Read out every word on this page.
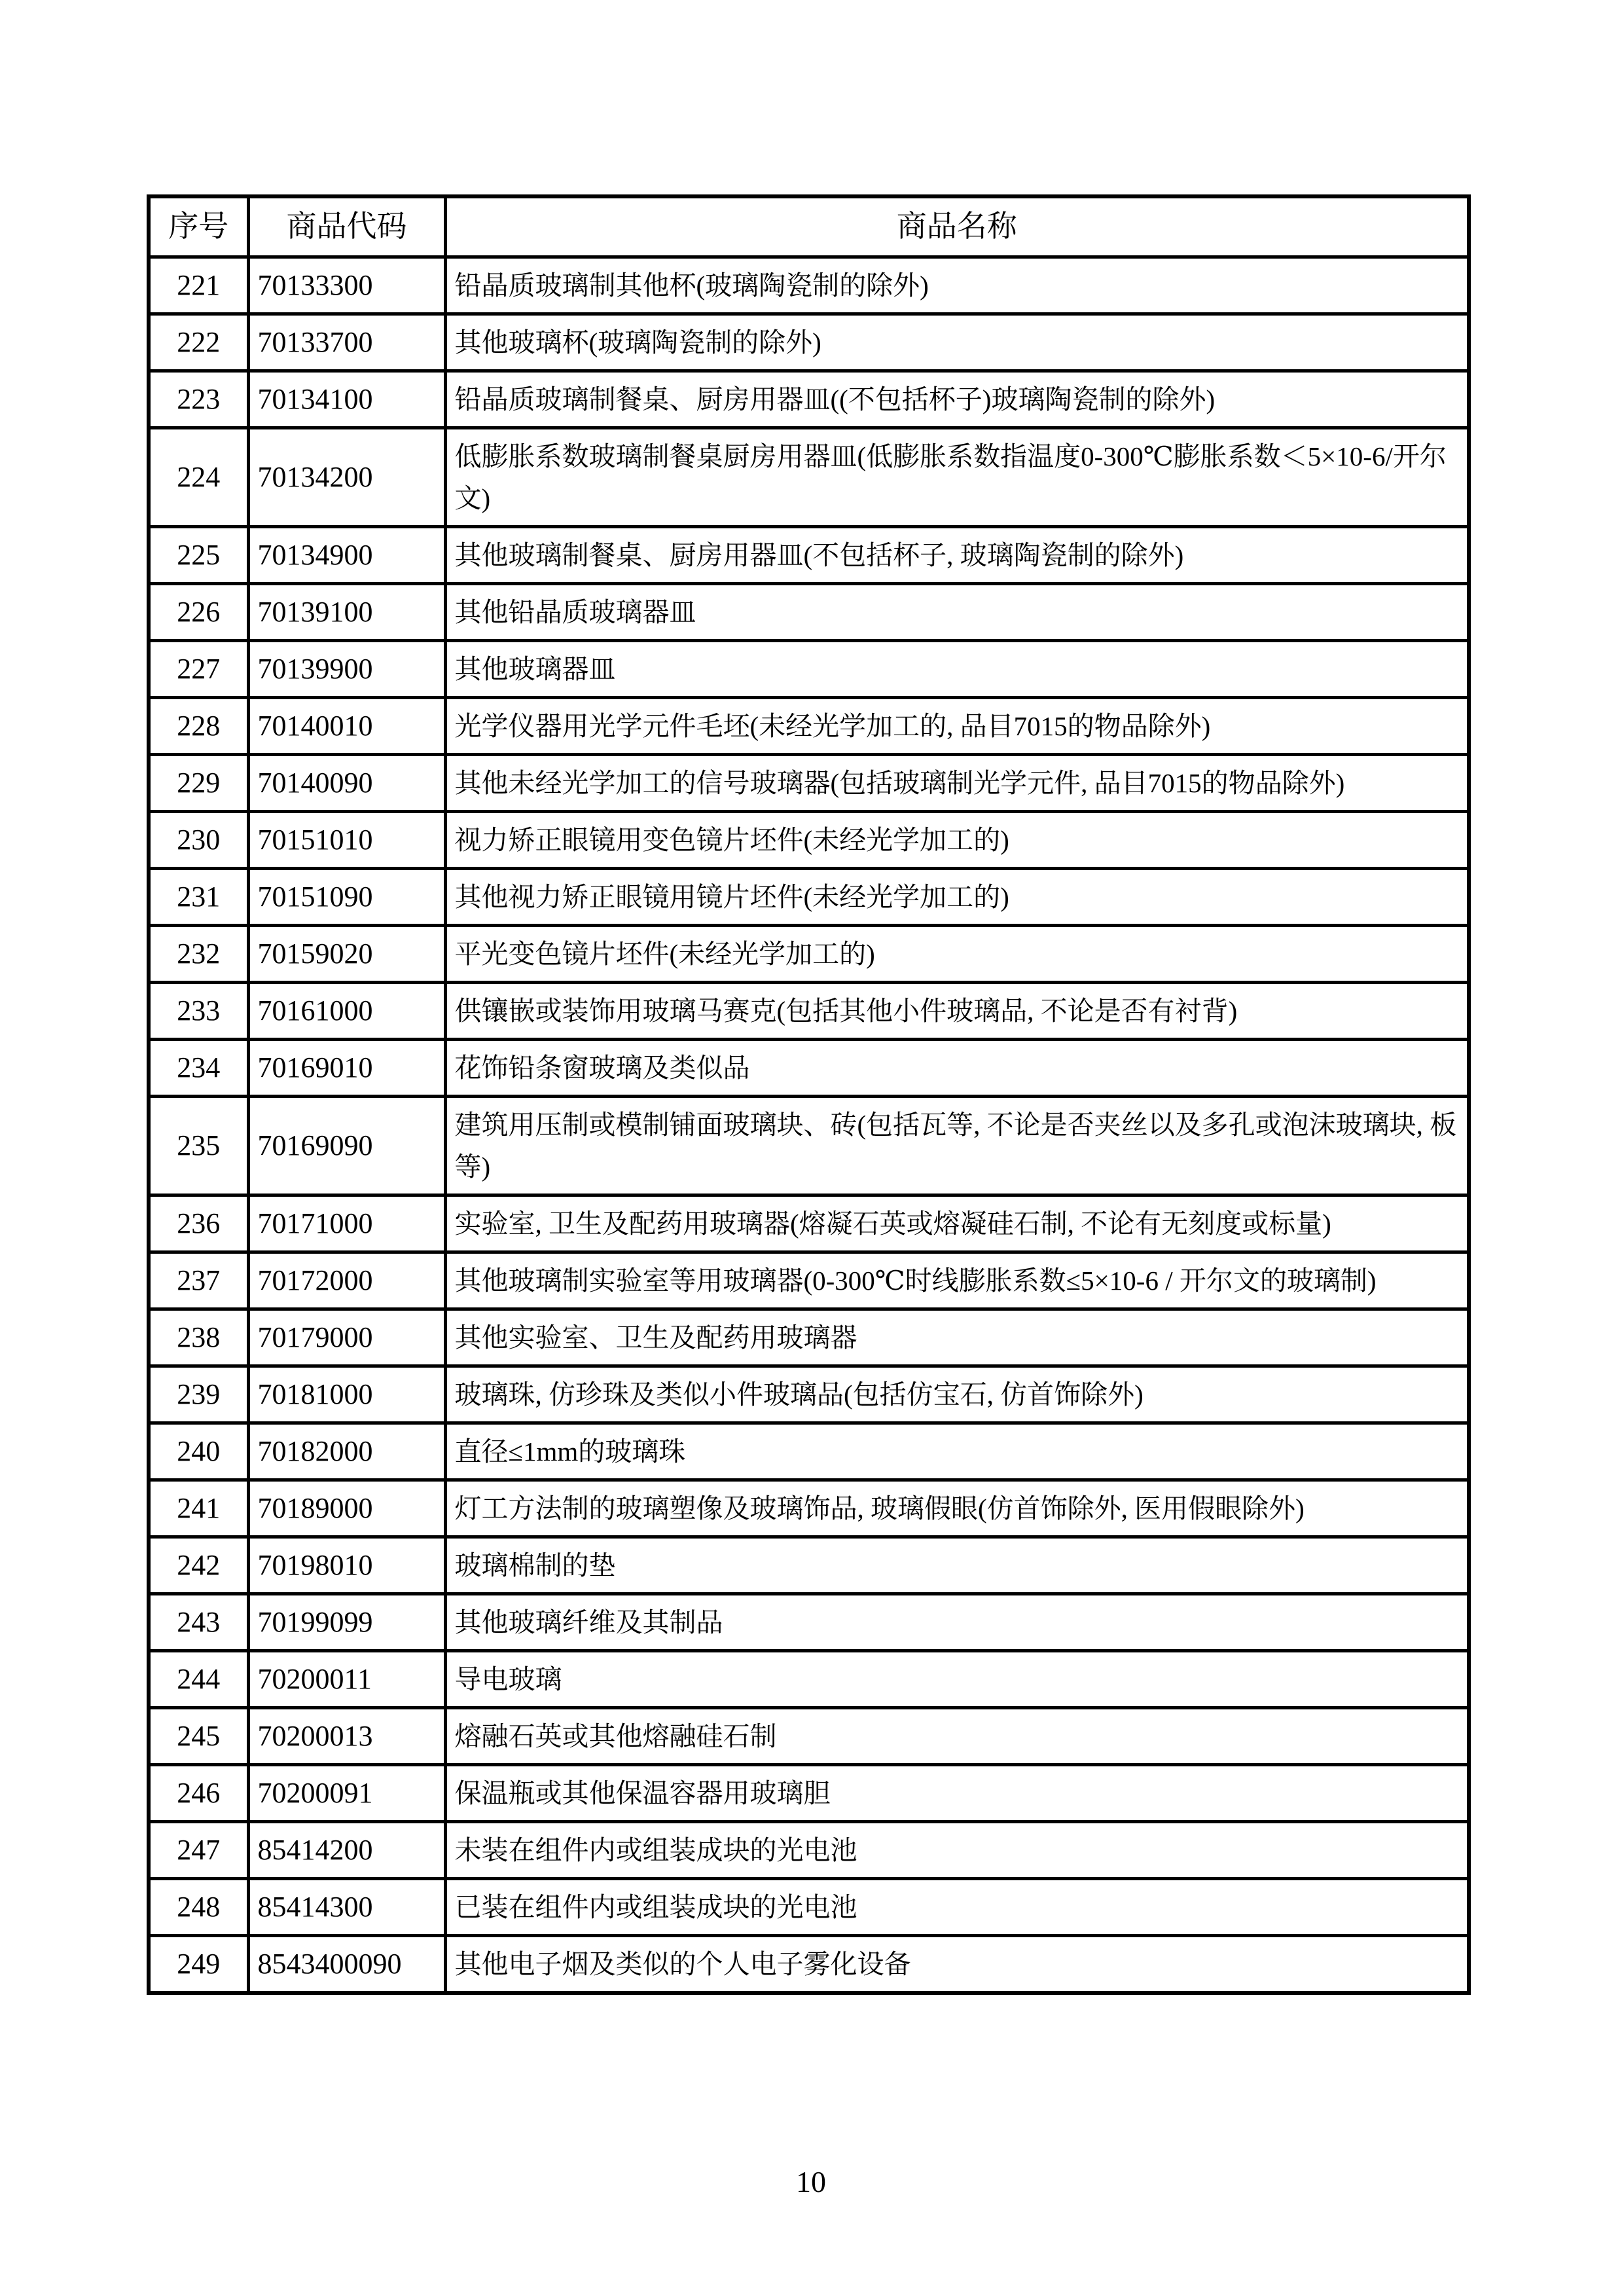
序号	商品代码	商品名称
221	70133300	铅晶质玻璃制其他杯(玻璃陶瓷制的除外)
222	70133700	其他玻璃杯(玻璃陶瓷制的除外)
223	70134100	铅晶质玻璃制餐桌、厨房用器皿((不包括杯子)玻璃陶瓷制的除外)
224	70134200	低膨胀系数玻璃制餐桌厨房用器皿(低膨胀系数指温度0-300℃膨胀系数＜5×10-6/开尔文)
225	70134900	其他玻璃制餐桌、厨房用器皿(不包括杯子, 玻璃陶瓷制的除外)
226	70139100	其他铅晶质玻璃器皿
227	70139900	其他玻璃器皿
228	70140010	光学仪器用光学元件毛坯(未经光学加工的, 品目7015的物品除外)
229	70140090	其他未经光学加工的信号玻璃器(包括玻璃制光学元件, 品目7015的物品除外)
230	70151010	视力矫正眼镜用变色镜片坯件(未经光学加工的)
231	70151090	其他视力矫正眼镜用镜片坯件(未经光学加工的)
232	70159020	平光变色镜片坯件(未经光学加工的)
233	70161000	供镶嵌或装饰用玻璃马赛克(包括其他小件玻璃品, 不论是否有衬背)
234	70169010	花饰铅条窗玻璃及类似品
235	70169090	建筑用压制或模制铺面玻璃块、砖(包括瓦等, 不论是否夹丝以及多孔或泡沫玻璃块, 板等)
236	70171000	实验室, 卫生及配药用玻璃器(熔凝石英或熔凝硅石制, 不论有无刻度或标量)
237	70172000	其他玻璃制实验室等用玻璃器(0-300℃时线膨胀系数≤5×10-6 / 开尔文的玻璃制)
238	70179000	其他实验室、卫生及配药用玻璃器
239	70181000	玻璃珠, 仿珍珠及类似小件玻璃品(包括仿宝石, 仿首饰除外)
240	70182000	直径≤1mm的玻璃珠
241	70189000	灯工方法制的玻璃塑像及玻璃饰品, 玻璃假眼(仿首饰除外, 医用假眼除外)
242	70198010	玻璃棉制的垫
243	70199099	其他玻璃纤维及其制品
244	70200011	导电玻璃
245	70200013	熔融石英或其他熔融硅石制
246	70200091	保温瓶或其他保温容器用玻璃胆
247	85414200	未装在组件内或组装成块的光电池
248	85414300	已装在组件内或组装成块的光电池
249	8543400090	其他电子烟及类似的个人电子雾化设备
10
